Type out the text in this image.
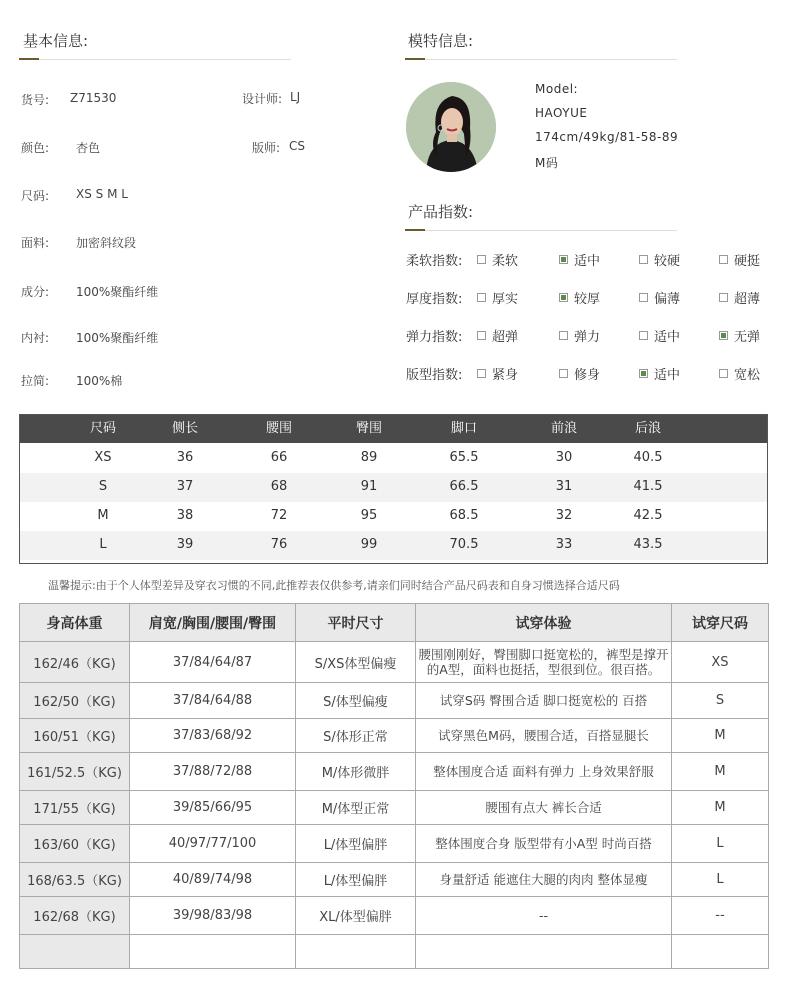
基本信息:
货号: Z71530	设计师: LJ
颜色: 杏色	版师: CS
尺码: XS S M L
面料: 加密斜纹段
成分: 100%聚酯纤维
内衬: 100%聚酯纤维
拉简: 100%棉
模特信息:
Model:
HAOYUE
174cm/49kg/81-58-89
M码
产品指数:
柔软指数: 柔软	适中	较硬	硬挺
厚度指数: 厚实	较厚	偏薄	超薄
弹力指数: 超弹	弹力	适中	无弹
版型指数: 紧身	修身	适中	宽松
尺码	侧长	腰围	臀围	脚口	前浪	后浪
XS	36	66	89	65.5	30	40.5
S	37	68	91	66.5	31	41.5
M	38	72	95	68.5	32	42.5
L	39	76	99	70.5	33	43.5
温馨提示:由于个人体型差异及穿衣习惯的不同,此推荐表仅供参考,请亲们同时结合产品尺码表和自身习惯选择合适尺码
身高体重	肩宽/胸围/腰围/臀围	平时尺寸	试穿体验	试穿尺码
162/46（KG)	37/84/64/87	S/XS体型偏瘦	腰围刚刚好，臀围脚口挺宽松的，裤型是撑开的A型，面料也挺括，型很到位。很百搭。	XS
162/50（KG)	37/84/64/88	S/体型偏瘦	试穿S码 臀围合适 脚口挺宽松的 百搭	S
160/51（KG)	37/83/68/92	S/体形正常	试穿黑色M码，腰围合适，百搭显腿长	M
161/52.5（KG)	37/88/72/88	M/体形微胖	整体围度合适 面料有弹力 上身效果舒服	M
171/55（KG)	39/85/66/95	M/体型正常	腰围有点大 裤长合适	M
163/60（KG)	40/97/77/100	L/体型偏胖	整体围度合身 版型带有小A型 时尚百搭	L
168/63.5（KG)	40/89/74/98	L/体型偏胖	身量舒适 能遮住大腿的肉肉 整体显瘦	L
162/68（KG)	39/98/83/98	XL/体型偏胖	--	--
